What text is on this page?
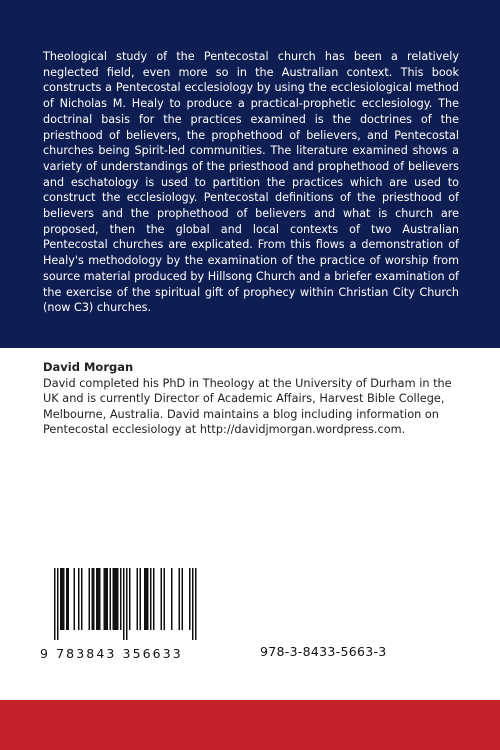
Theological study of the Pentecostal church has been a relatively neglected field, even more so in the Australian context. This book constructs a Pentecostal ecclesiology by using the ecclesiological method of Nicholas M. Healy to produce a practical-prophetic ecclesiology. The doctrinal basis for the practices examined is the doctrines of the priesthood of believers, the prophethood of believers, and Pentecostal churches being Spirit-led communities. The literature examined shows a variety of understandings of the priesthood and prophethood of believers and eschatology is used to partition the practices which are used to construct the ecclesiology. Pentecostal definitions of the priesthood of believers and the prophethood of believers and what is church are proposed, then the global and local contexts of two Australian Pentecostal churches are explicated. From this flows a demonstration of Healy's methodology by the examination of the practice of worship from source material produced by Hillsong Church and a briefer examination of the exercise of the spiritual gift of prophecy within Christian City Church (now C3) churches.

David Morgan

David completed his PhD in Theology at the University of Durham in the UK and is currently Director of Academic Affairs, Harvest Bible College, Melbourne, Australia. David maintains a blog including information on Pentecostal ecclesiology at http://davidjmorgan.wordpress.com.

9 783843 356633	978-3-8433-5663-3
